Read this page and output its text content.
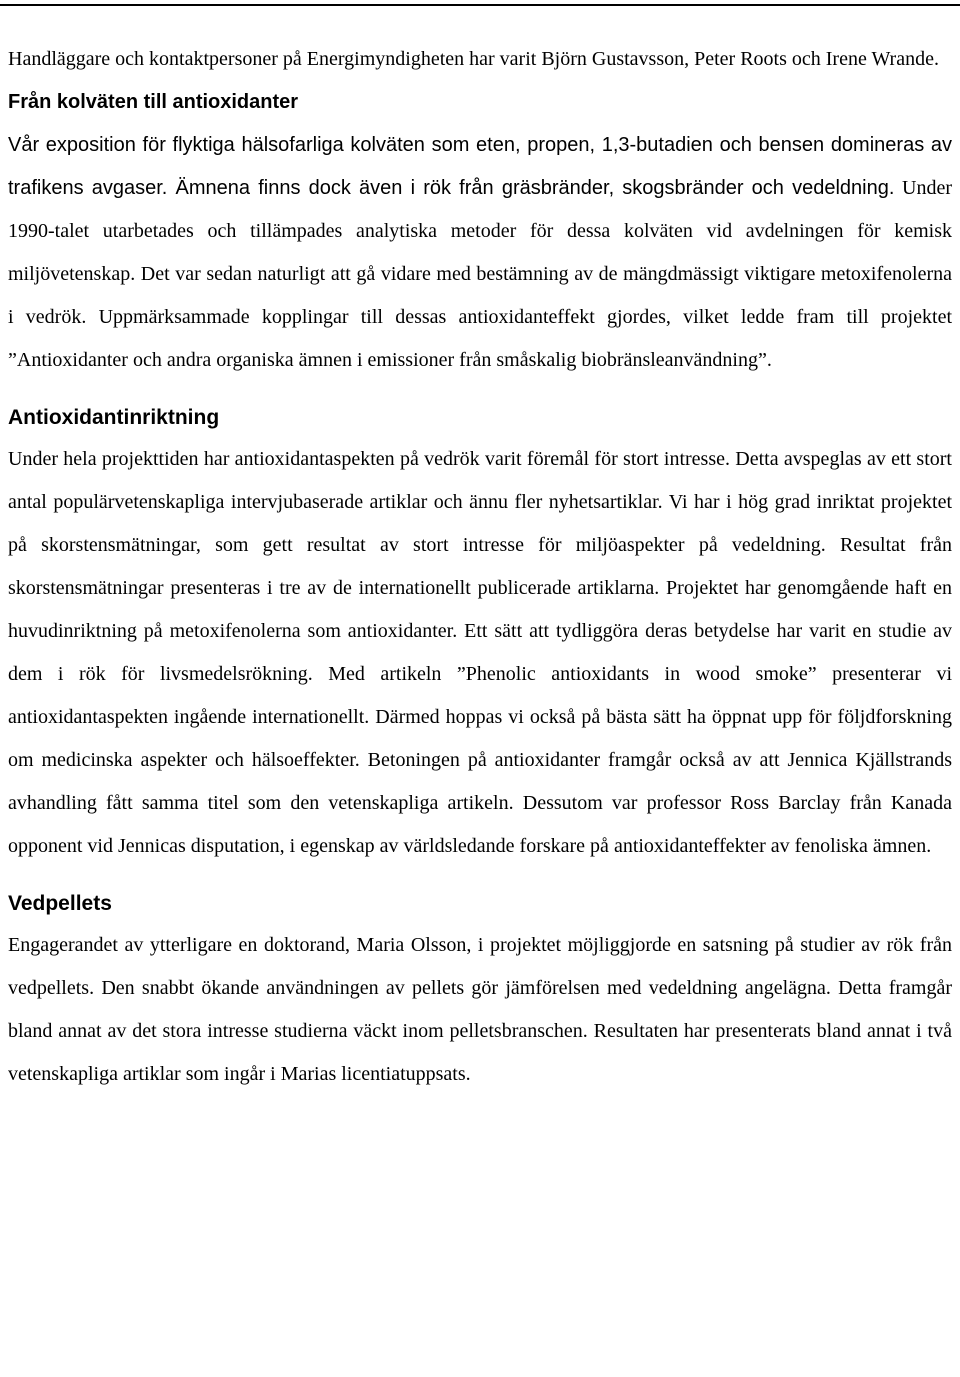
Handläggare och kontaktpersoner på Energimyndigheten har varit Björn Gustavsson, Peter Roots och Irene Wrande.

Från kolväten till antioxidanter
Vår exposition för flyktiga hälsofarliga kolväten som eten, propen, 1,3-butadien och bensen domineras av trafikens avgaser. Ämnena finns dock även i rök från gräsbränder, skogsbränder och vedeldning. Under 1990-talet utarbetades och tillämpades analytiska metoder för dessa kolväten vid avdelningen för kemisk miljövetenskap. Det var sedan naturligt att gå vidare med bestämning av de mängdmässigt viktigare metoxifenolerna i vedrök. Uppmärksammade kopplingar till dessas antioxidanteffekt gjordes, vilket ledde fram till projektet ”Antioxidanter och andra organiska ämnen i emissioner från småskalig biobränsleanvändning”.
Antioxidantinriktning

Under hela projekttiden har antioxidantaspekten på vedrök varit föremål för stort intresse. Detta avspeglas av ett stort antal populärvetenskapliga intervjubaserade artiklar och ännu fler nyhetsartiklar. Vi har i hög grad inriktat projektet på skorstensmätningar, som gett resultat av stort intresse för miljöaspekter på vedeldning. Resultat från skorstensmätningar presenteras i tre av de internationellt publicerade artiklarna. Projektet har genomgående haft en huvudinriktning på metoxifenolerna som antioxidanter. Ett sätt att tydliggöra deras betydelse har varit en studie av dem i rök för livsmedelsrökning. Med artikeln ”Phenolic antioxidants in wood smoke” presenterar vi antioxidantaspekten ingående internationellt. Därmed hoppas vi också på bästa sätt ha öppnat upp för följdforskning om medicinska aspekter och hälsoeffekter. Betoningen på antioxidanter framgår också av att Jennica Kjällstrands avhandling fått samma titel som den vetenskapliga artikeln. Dessutom var professor Ross Barclay från Kanada opponent vid Jennicas disputation, i egenskap av världsledande forskare på antioxidanteffekter av fenoliska ämnen.

Vedpellets

Engagerandet av ytterligare en doktorand, Maria Olsson, i projektet möjliggjorde en satsning på studier av rök från vedpellets. Den snabbt ökande användningen av pellets gör jämförelsen med vedeldning angelägna. Detta framgår bland annat av det stora intresse studierna väckt inom pelletsbranschen. Resultaten har presenterats bland annat i två vetenskapliga artiklar som ingår i Marias licentiatuppsats.
